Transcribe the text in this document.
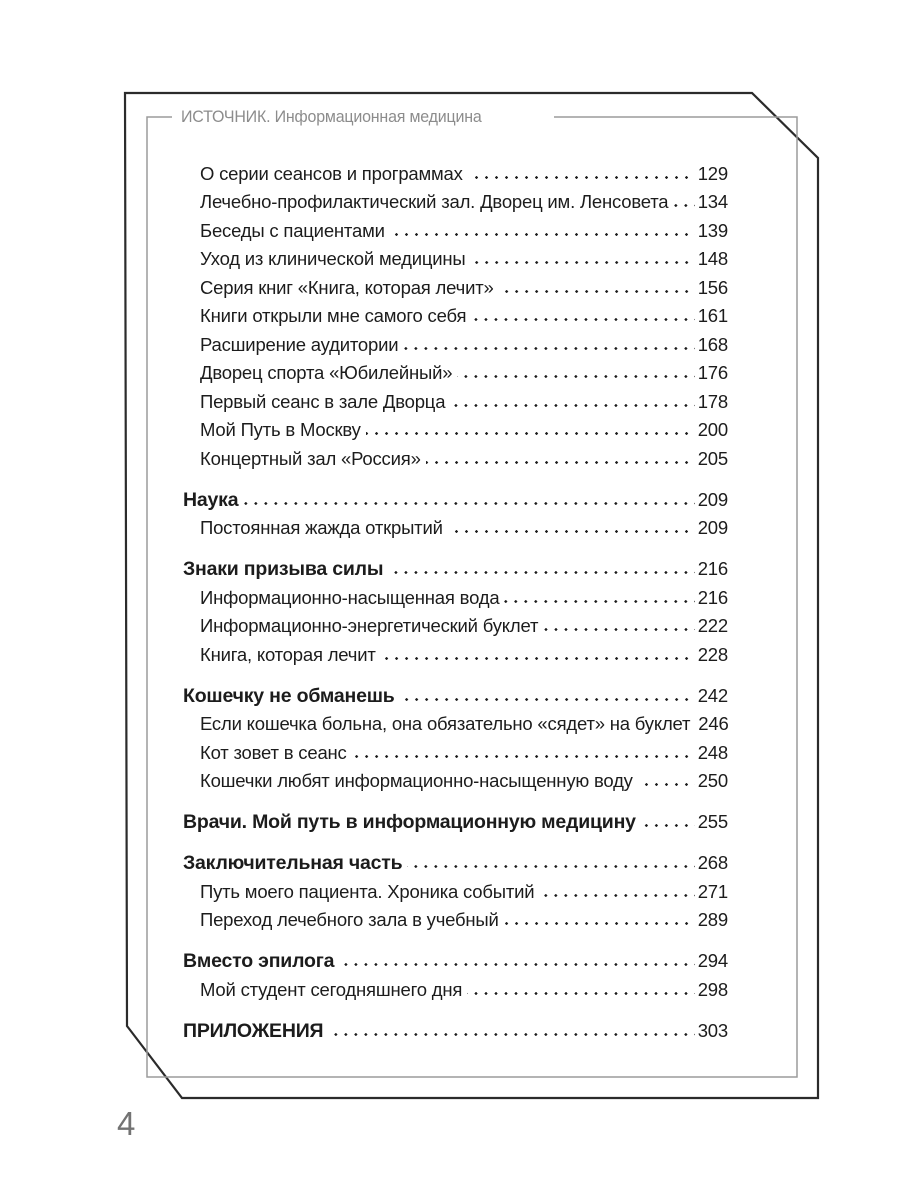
ИСТОЧНИК. Информационная медицина
О серии сеансов и программах	129
Лечебно-профилактический зал. Дворец им. Ленсовета 134
Беседы с пациентами	139
Уход из клинической медицины	148
Серия книг «Книга, которая лечит»	156
Книги открыли мне самого себя	161
Расширение аудитории	168
Дворец спорта «Юбилейный»	176
Первый сеанс в зале Дворца	178
Мой Путь в Москву	200
Концертный зал «Россия»	205
Наука	209
Постоянная жажда открытий	209
Знаки призыва силы	216
Информационно-насыщенная вода	216
Информационно-энергетический буклет	222
Книга, которая лечит	228
Кошечку не обманешь	242
Если кошечка больна, она обязательно «сядет» на буклет 246
Кот зовет в сеанс	248
Кошечки любят информационно-насыщенную воду	250
Врачи. Мой путь в информационную медицину	255
Заключительная часть	268
Путь моего пациента. Хроника событий	271
Переход лечебного зала в учебный	289
Вместо эпилога	294
Мой студент сегодняшнего дня	298
ПРИЛОЖЕНИЯ	303
4
